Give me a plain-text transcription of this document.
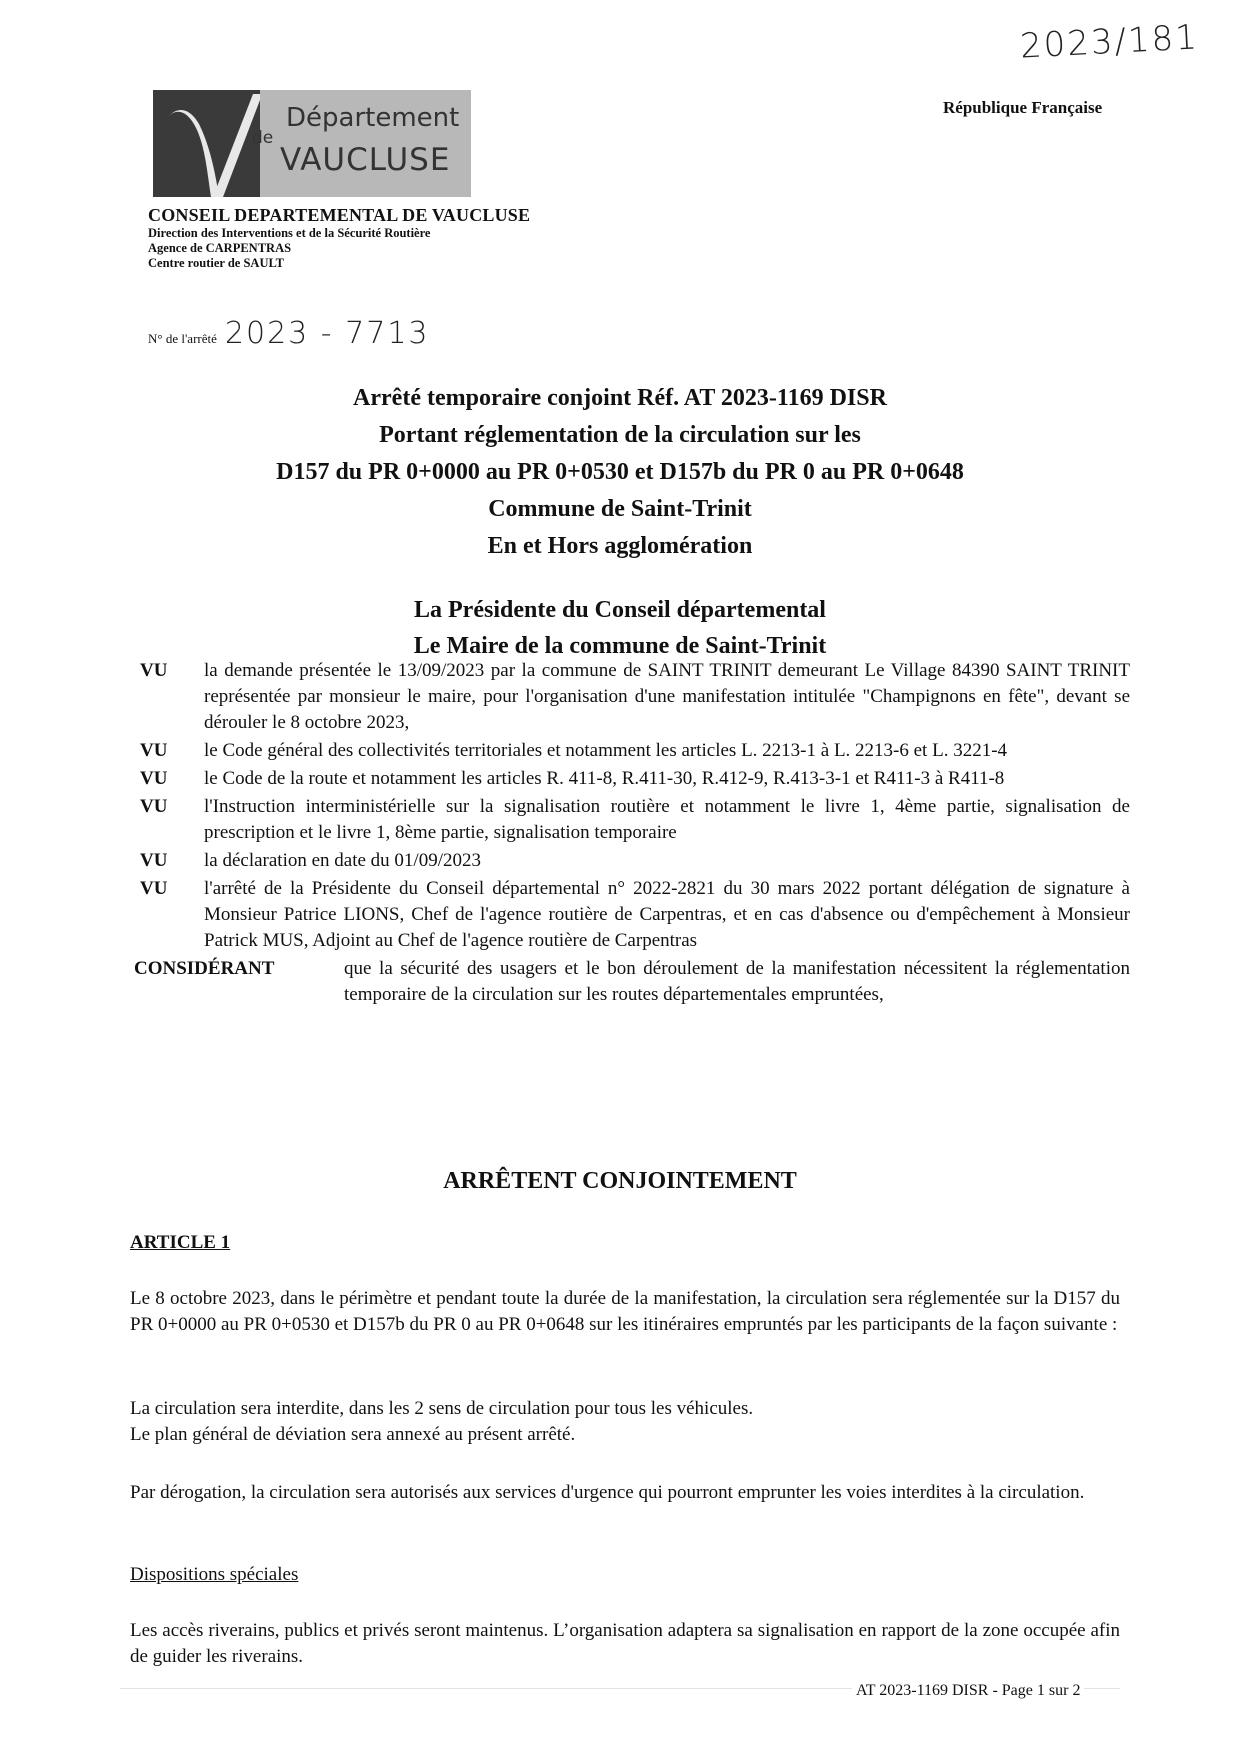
2023/181
République Française
de
Département
VAUCLUSE
CONSEIL DEPARTEMENTAL DE VAUCLUSE
Direction des Interventions et de la Sécurité Routière
Agence de CARPENTRAS
Centre routier de SAULT
N° de l'arrêté 2023 - 7713
Arrêté temporaire conjoint Réf. AT 2023-1169 DISR
Portant réglementation de la circulation sur les
D157 du PR 0+0000 au PR 0+0530 et D157b du PR 0 au PR 0+0648
Commune de Saint-Trinit
En et Hors agglomération
La Présidente du Conseil départemental
Le Maire de la commune de Saint-Trinit
VU	la demande présentée le 13/09/2023 par la commune de SAINT TRINIT demeurant Le Village 84390 SAINT TRINIT représentée par monsieur le maire, pour l'organisation d'une manifestation intitulée "Champignons en fête", devant se dérouler le 8 octobre 2023,
VU	le Code général des collectivités territoriales et notamment les articles L. 2213-1 à L. 2213-6 et L. 3221-4
VU	le Code de la route et notamment les articles R. 411-8, R.411-30, R.412-9, R.413-3-1 et R411-3 à R411-8
VU	l'Instruction interministérielle sur la signalisation routière et notamment le livre 1, 4ème partie, signalisation de prescription et le livre 1, 8ème partie, signalisation temporaire
VU	la déclaration en date du 01/09/2023
VU	l'arrêté de la Présidente du Conseil départemental n° 2022-2821 du 30 mars 2022 portant délégation de signature à Monsieur Patrice LIONS, Chef de l'agence routière de Carpentras, et en cas d'absence ou d'empêchement à Monsieur Patrick MUS, Adjoint au Chef de l'agence routière de Carpentras
CONSIDÉRANT	que la sécurité des usagers et le bon déroulement de la manifestation nécessitent la réglementation temporaire de la circulation sur les routes départementales empruntées,
ARRÊTENT CONJOINTEMENT
ARTICLE 1
Le 8 octobre 2023, dans le périmètre et pendant toute la durée de la manifestation, la circulation sera réglementée sur la D157 du PR 0+0000 au PR 0+0530 et D157b du PR 0 au PR 0+0648 sur les itinéraires empruntés par les participants de la façon suivante :
La circulation sera interdite, dans les 2 sens de circulation pour tous les véhicules.
Le plan général de déviation sera annexé au présent arrêté.
Par dérogation, la circulation sera autorisés aux services d'urgence qui pourront emprunter les voies interdites à la circulation.
Dispositions spéciales
Les accès riverains, publics et privés seront maintenus. L’organisation adaptera sa signalisation en rapport de la zone occupée afin de guider les riverains.
AT 2023-1169 DISR - Page 1 sur 2
